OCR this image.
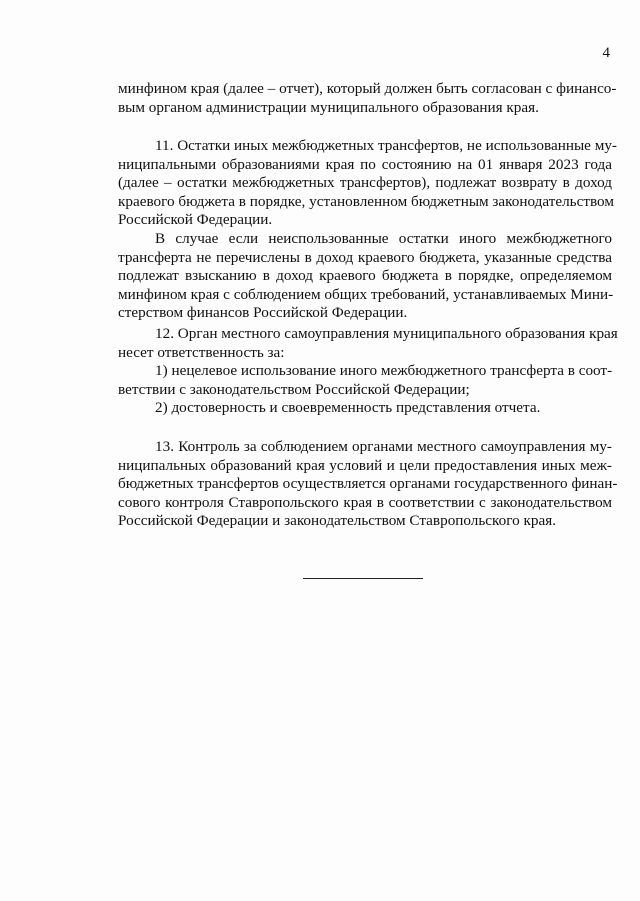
4
минфином края (далее – отчет), который должен быть согласован с финансо-
вым органом администрации муниципального образования края.
11. Остатки иных межбюджетных трансфертов, не использованные му-
ниципальными образованиями края по состоянию на 01 января 2023 года
(далее – остатки межбюджетных трансфертов), подлежат возврату в доход
краевого бюджета в порядке, установленном бюджетным законодательством
Российской Федерации.
В случае если неиспользованные остатки иного межбюджетного
трансферта не перечислены в доход краевого бюджета, указанные средства
подлежат взысканию в доход краевого бюджета в порядке, определяемом
минфином края с соблюдением общих требований, устанавливаемых Мини-
стерством финансов Российской Федерации.
12. Орган местного самоуправления муниципального образования края
несет ответственность за:
1) нецелевое использование иного межбюджетного трансферта в соот-
ветствии с законодательством Российской Федерации;
2) достоверность и своевременность представления отчета.
13. Контроль за соблюдением органами местного самоуправления му-
ниципальных образований края условий и цели предоставления иных меж-
бюджетных трансфертов осуществляется органами государственного финан-
сового контроля Ставропольского края в соответствии с законодательством
Российской Федерации и законодательством Ставропольского края.
